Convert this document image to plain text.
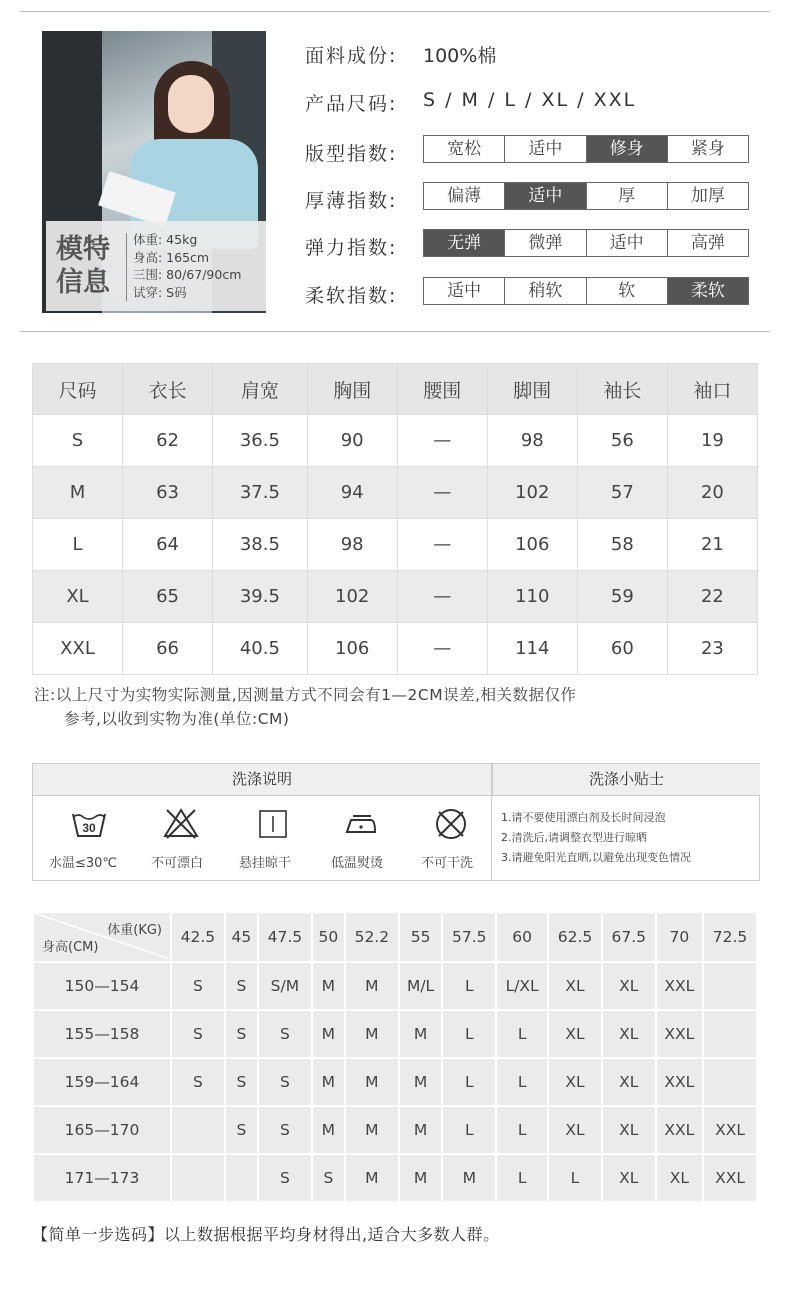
模特
信息
体重: 45kg
身高: 165cm
三围: 80/67/90cm
试穿: S码
面料成份: 100%棉
产品尺码: S / M / L / XL / XXL
版型指数:	宽松	适中	修身	紧身
厚薄指数:	偏薄	适中	厚	加厚
弹力指数:	无弹	微弹	适中	高弹
柔软指数:	适中	稍软	软	柔软
尺码	衣长	肩宽	胸围	腰围	脚围	袖长	袖口
S	62	36.5	90	—	98	56	19
M	63	37.5	94	—	102	57	20
L	64	38.5	98	—	106	58	21
XL	65	39.5	102	—	110	59	22
XXL	66	40.5	106	—	114	60	23
注:以上尺寸为实物实际测量,因测量方式不同会有1—2CM误差,相关数据仅作
参考,以收到实物为准(单位:CM)
洗涤说明	洗涤小贴士
30
水温≤30℃	不可漂白	悬挂晾干	低温熨烫	不可干洗
1.请不要使用漂白剂及长时间浸泡
2.清洗后,请调整衣型进行晾晒
3.请避免阳光直晒,以避免出现变色情况
体重(KG)
身高(CM)	42.5	45	47.5	50	52.2	55	57.5	60	62.5	67.5	70	72.5
150—154	S	S	S/M	M	M	M/L	L	L/XL	XL	XL	XXL	
155—158	S	S	S	M	M	M	L	L	XL	XL	XXL	
159—164	S	S	S	M	M	M	L	L	XL	XL	XXL	
165—170		S	S	M	M	M	L	L	XL	XL	XXL	XXL
171—173			S	S	M	M	M	L	L	XL	XL	XXL
【简单一步选码】以上数据根据平均身材得出,适合大多数人群。
